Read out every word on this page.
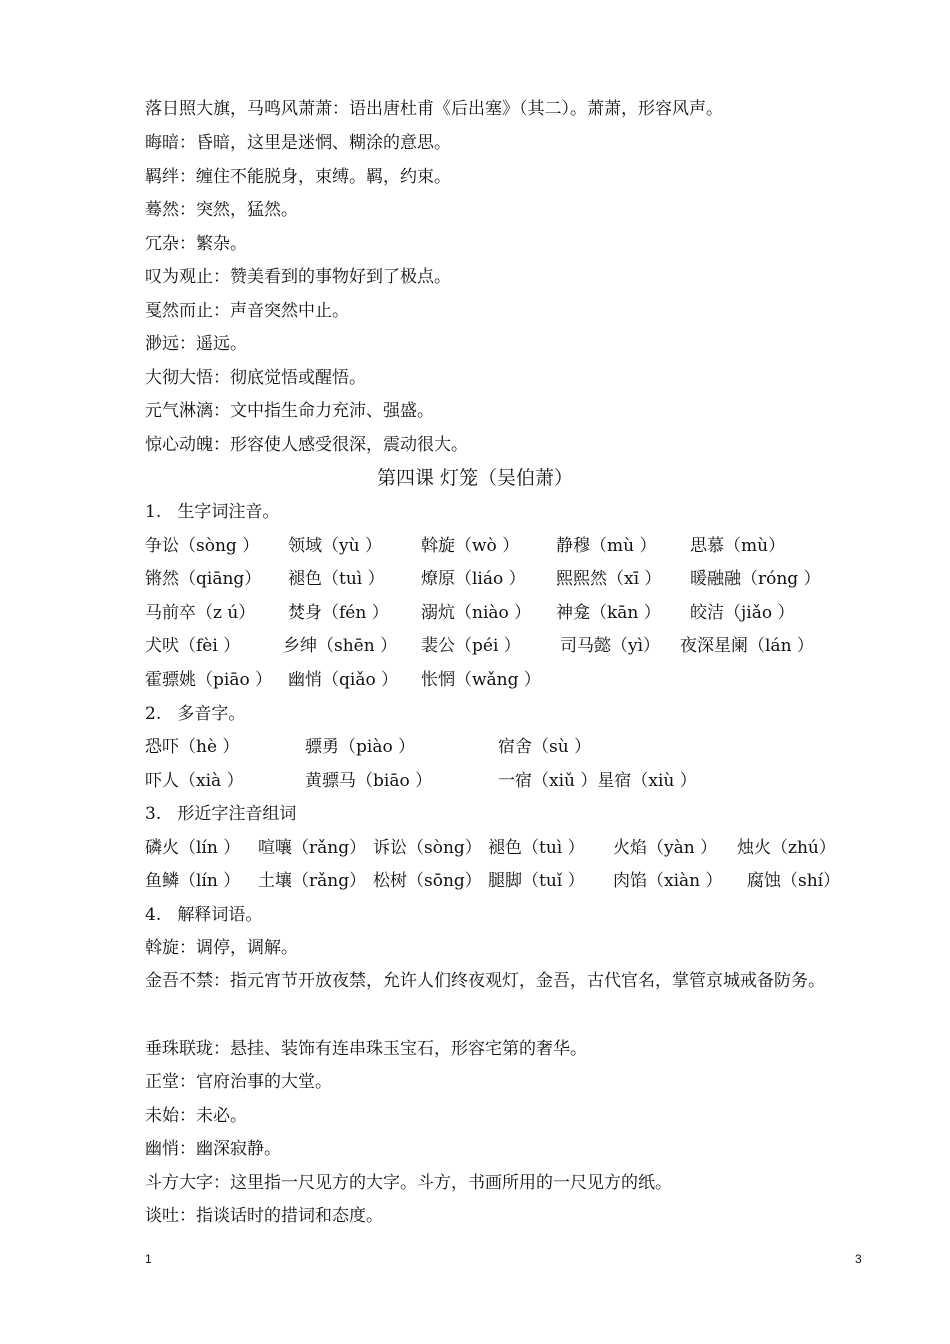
落日照大旗，马鸣风萧萧：语出唐杜甫《后出塞》（其二）。萧萧，形容风声。
晦暗：昏暗，这里是迷惘、糊涂的意思。
羁绊：缠住不能脱身，束缚。羁，约束。
蓦然：突然，猛然。
冗杂：繁杂。
叹为观止：赞美看到的事物好到了极点。
戛然而止：声音突然中止。
渺远：遥远。
大彻大悟：彻底觉悟或醒悟。
元气淋漓：文中指生命力充沛、强盛。
惊心动魄：形容使人感受很深，震动很大。
第四课 灯笼（吴伯萧）
1.   生字词注音。
争讼（sòng ） 领域（yù ） 斡旋（wò ） 静穆（mù ） 思慕（mù）
锵然（qiāng） 褪色（tuì ） 燎原（liáo ） 熙熙然（xī ） 暖融融（róng ）
马前卒（z ú） 焚身（fén ） 溺炕（niào ） 神龛（kān ） 皎洁（jiǎo ）
犬吠（fèi ）	乡绅（shēn ） 裴公（péi ） 司马懿（yì） 夜深星阑（lán ）
霍骠姚（piāo ） 幽悄（qiǎo ） 怅惘（wǎng ）
2.   多音字。
恐吓（hè ）	骠勇（piào ）	宿舍（sù ）
吓人（xià ）	黄骠马（biāo ）	一宿（xiǔ ）星宿（xiù ）
3.   形近字注音组词
磷火（lín ） 喧嚷（rǎng） 诉讼（sòng） 褪色（tuì ） 火焰（yàn ） 烛火（zhú）
鱼鳞（lín ） 土壤（rǎng） 松树（sōng） 腿脚（tuǐ ） 肉馅（xiàn ） 腐蚀（shí）
4.   解释词语。
斡旋：调停，调解。
金吾不禁：指元宵节开放夜禁，允许人们终夜观灯，金吾，古代官名，掌管京城戒备防务。
垂珠联珑：悬挂、装饰有连串珠玉宝石，形容宅第的奢华。
正堂：官府治事的大堂。
未始：未必。
幽悄：幽深寂静。
斗方大字：这里指一尺见方的大字。斗方，书画所用的一尺见方的纸。
谈吐：指谈话时的措词和态度。
1	3
